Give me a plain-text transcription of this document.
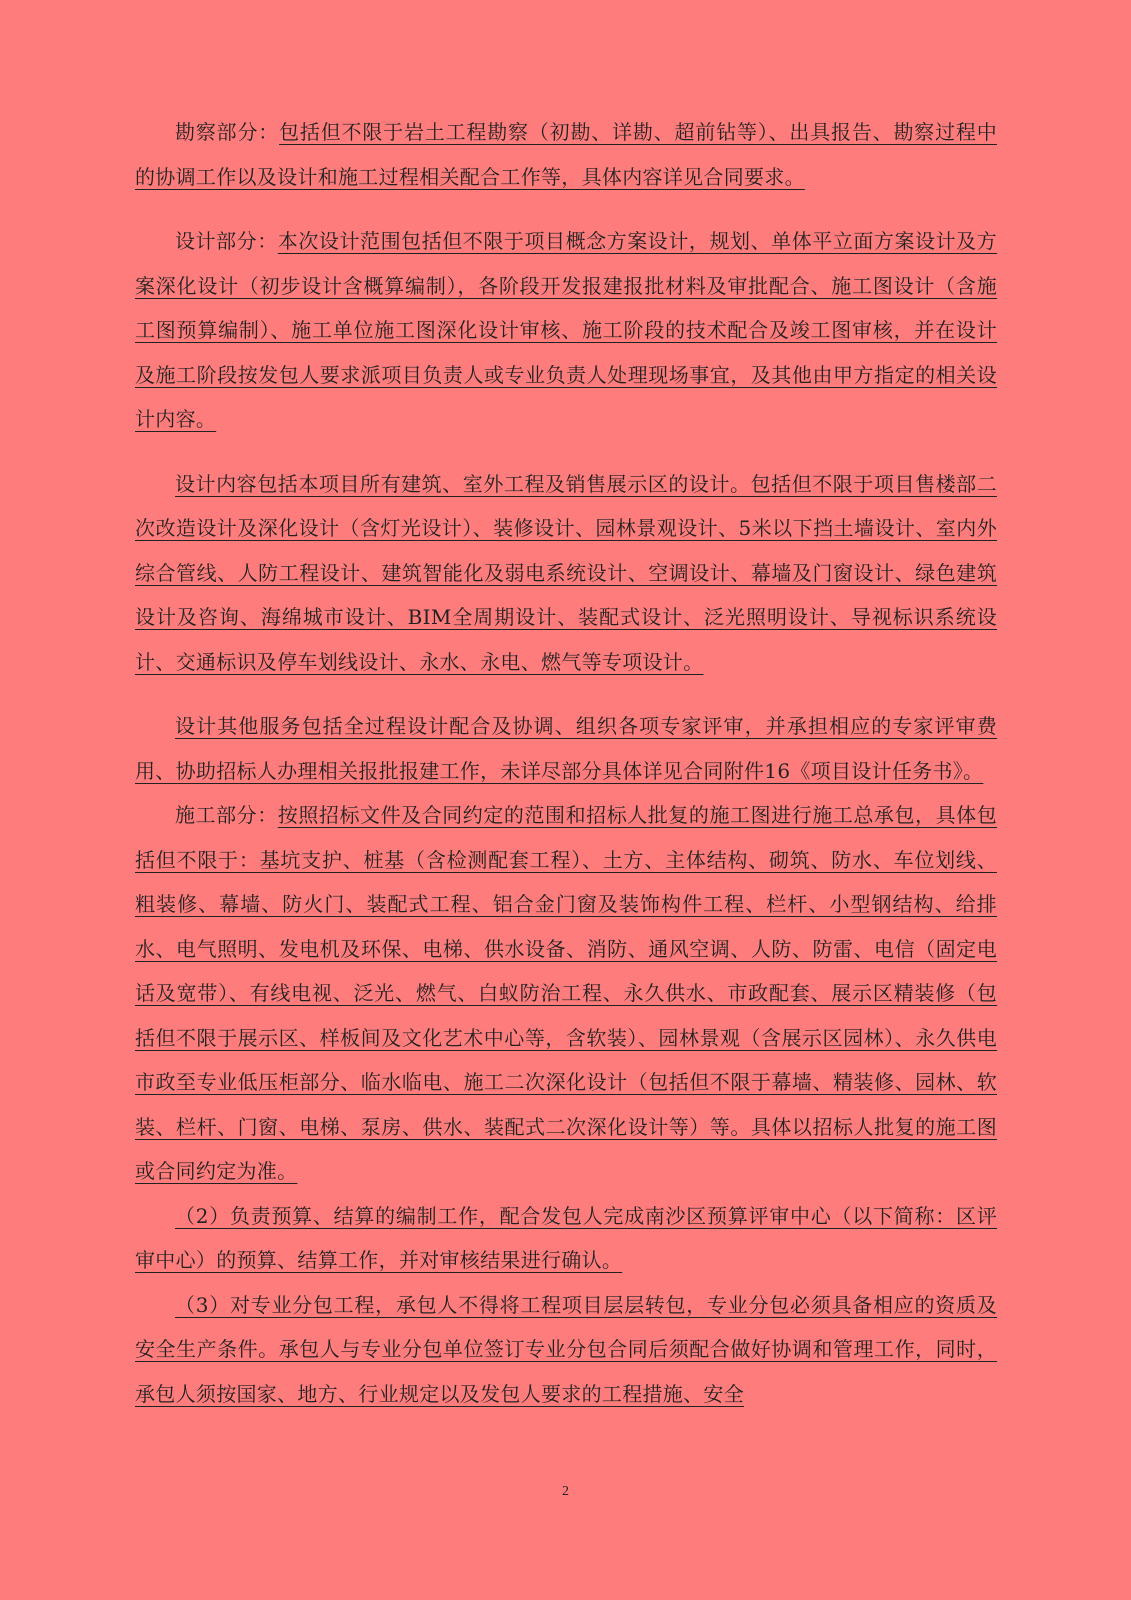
勘察部分：包括但不限于岩土工程勘察（初勘、详勘、超前钻等）、出具报告、勘察过程中的协调工作以及设计和施工过程相关配合工作等，具体内容详见合同要求。

设计部分：本次设计范围包括但不限于项目概念方案设计，规划、单体平立面方案设计及方案深化设计（初步设计含概算编制），各阶段开发报建报批材料及审批配合、施工图设计（含施工图预算编制）、施工单位施工图深化设计审核、施工阶段的技术配合及竣工图审核，并在设计及施工阶段按发包人要求派项目负责人或专业负责人处理现场事宜，及其他由甲方指定的相关设计内容。

设计内容包括本项目所有建筑、室外工程及销售展示区的设计。包括但不限于项目售楼部二次改造设计及深化设计（含灯光设计）、装修设计、园林景观设计、5米以下挡土墙设计、室内外综合管线、人防工程设计、建筑智能化及弱电系统设计、空调设计、幕墙及门窗设计、绿色建筑设计及咨询、海绵城市设计、BIM全周期设计、装配式设计、泛光照明设计、导视标识系统设计、交通标识及停车划线设计、永水、永电、燃气等专项设计。

设计其他服务包括全过程设计配合及协调、组织各项专家评审，并承担相应的专家评审费用、协助招标人办理相关报批报建工作，未详尽部分具体详见合同附件16《项目设计任务书》。

施工部分：按照招标文件及合同约定的范围和招标人批复的施工图进行施工总承包，具体包括但不限于：基坑支护、桩基（含检测配套工程）、土方、主体结构、砌筑、防水、车位划线、粗装修、幕墙、防火门、装配式工程、铝合金门窗及装饰构件工程、栏杆、小型钢结构、给排水、电气照明、发电机及环保、电梯、供水设备、消防、通风空调、人防、防雷、电信（固定电话及宽带）、有线电视、泛光、燃气、白蚁防治工程、永久供水、市政配套、展示区精装修（包括但不限于展示区、样板间及文化艺术中心等，含软装）、园林景观（含展示区园林）、永久供电市政至专业低压柜部分、临水临电、施工二次深化设计（包括但不限于幕墙、精装修、园林、软装、栏杆、门窗、电梯、泵房、供水、装配式二次深化设计等）等。具体以招标人批复的施工图或合同约定为准。

（2）负责预算、结算的编制工作，配合发包人完成南沙区预算评审中心（以下简称：区评审中心）的预算、结算工作，并对审核结果进行确认。

（3）对专业分包工程，承包人不得将工程项目层层转包，专业分包必须具备相应的资质及安全生产条件。承包人与专业分包单位签订专业分包合同后须配合做好协调和管理工作，同时，承包人须按国家、地方、行业规定以及发包人要求的工程措施、安全

2
